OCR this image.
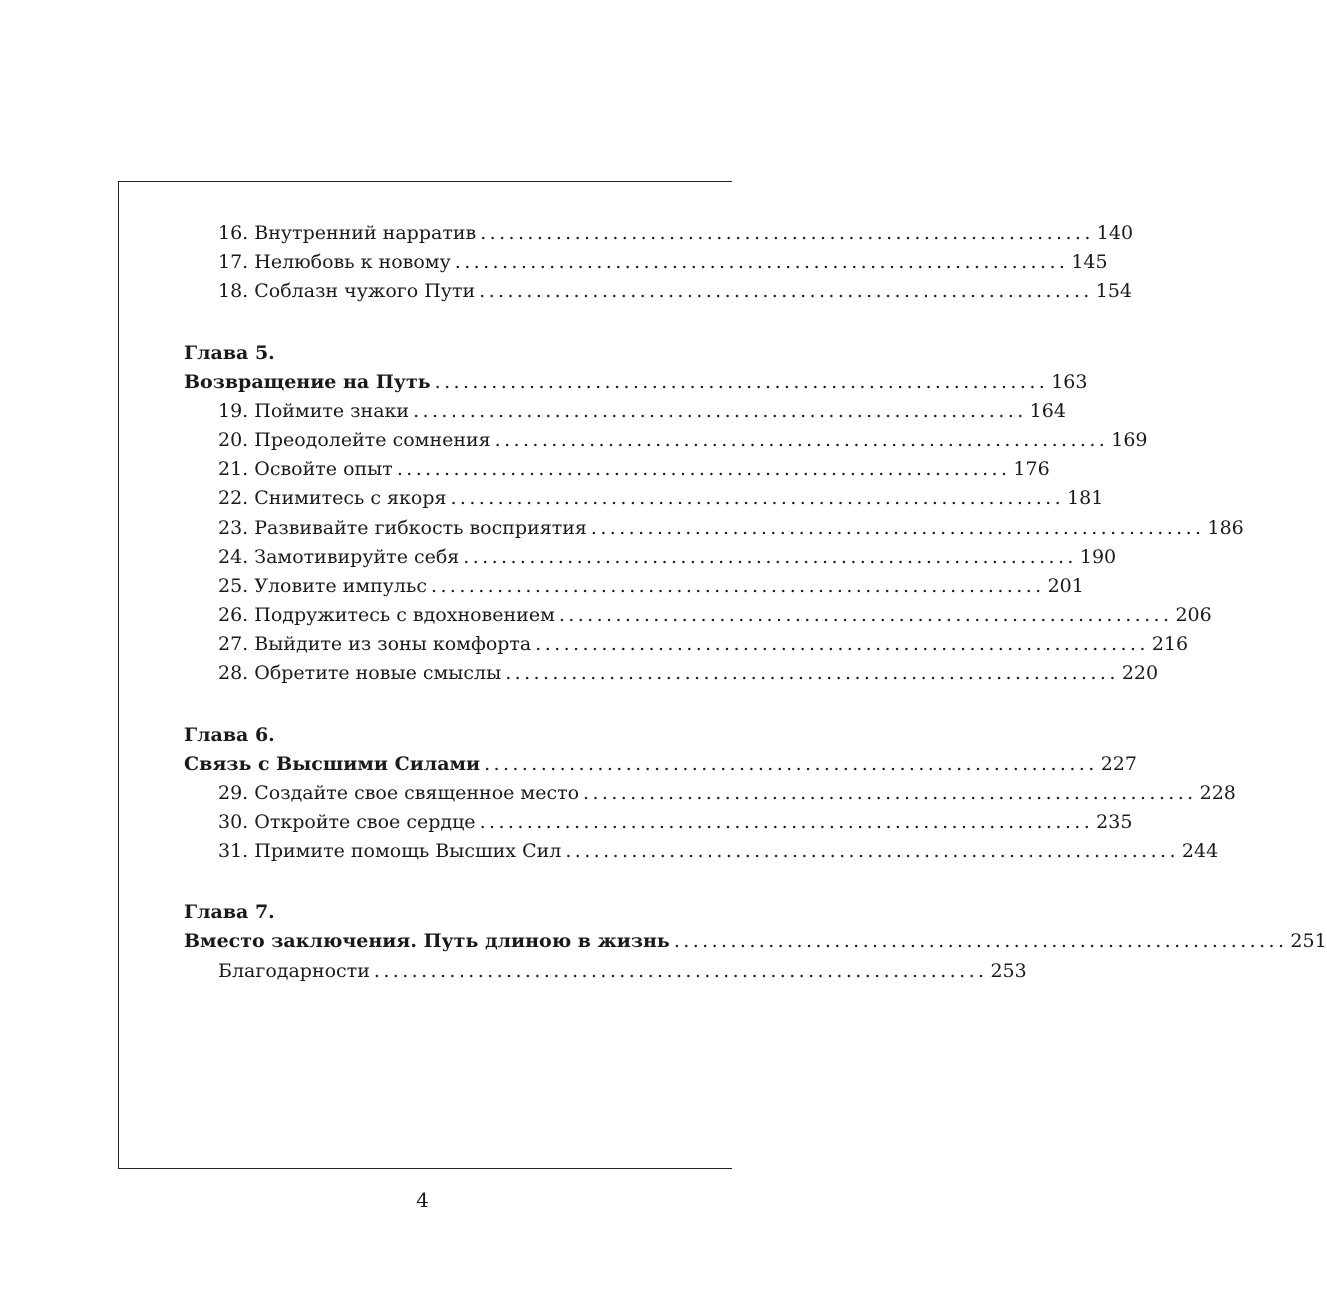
16. Внутренний нарратив ................................................................. 140
17. Нелюбовь к новому ................................................................. 145
18. Соблазн чужого Пути ................................................................. 154
Глава 5.
Возвращение на Путь ................................................................. 163
19. Поймите знаки ................................................................. 164
20. Преодолейте сомнения ................................................................. 169
21. Освойте опыт ................................................................. 176
22. Снимитесь с якоря ................................................................. 181
23. Развивайте гибкость восприятия ................................................................. 186
24. Замотивируйте себя ................................................................. 190
25. Уловите импульс ................................................................. 201
26. Подружитесь с вдохновением ................................................................. 206
27. Выйдите из зоны комфорта ................................................................. 216
28. Обретите новые смыслы ................................................................. 220
Глава 6.
Связь с Высшими Силами ................................................................. 227
29. Создайте свое священное место ................................................................. 228
30. Откройте свое сердце ................................................................. 235
31. Примите помощь Высших Сил ................................................................. 244
Глава 7.
Вместо заключения. Путь длиною в жизнь ................................................................. 251
Благодарности ................................................................. 253
4
